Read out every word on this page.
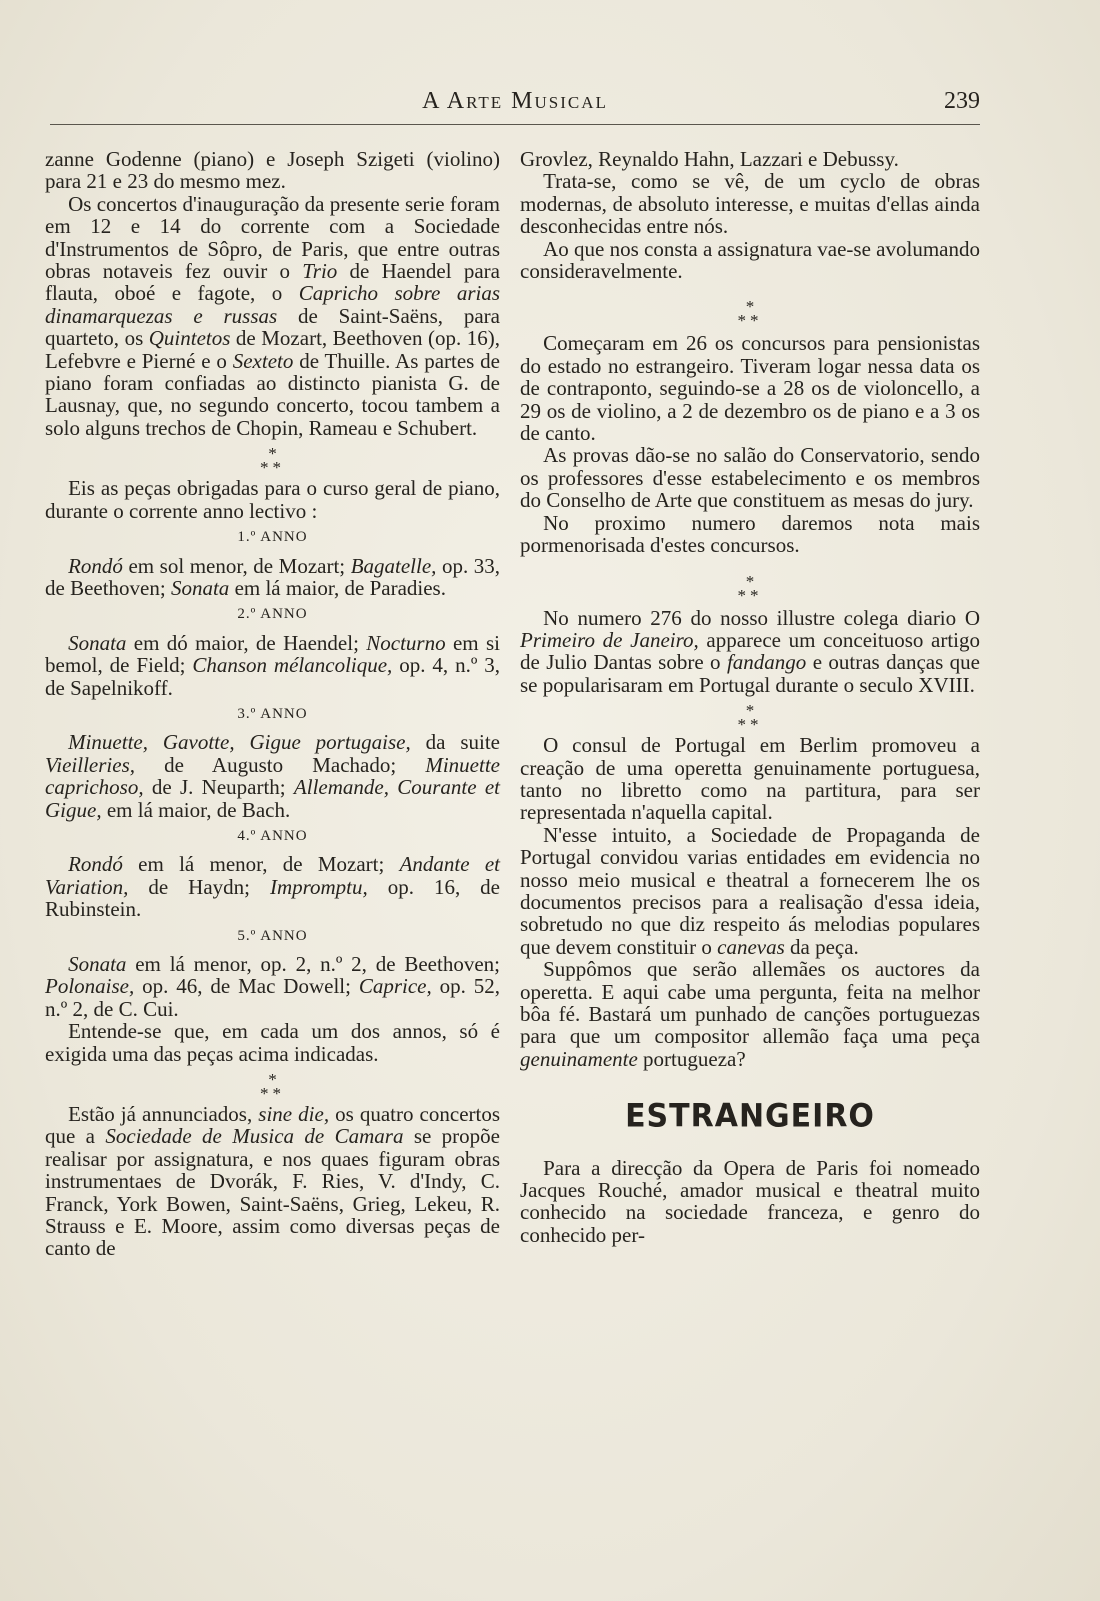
A Arte Musical	239

zanne Godenne (piano) e Joseph Szigeti (violino) para 21 e 23 do mesmo mez.

Os concertos d'inauguração da presente serie foram em 12 e 14 do corrente com a Sociedade d'Instrumentos de Sôpro, de Paris, que entre outras obras notaveis fez ouvir o Trio de Haendel para flauta, oboé e fagote, o Capricho sobre arias dinamarquezas e russas de Saint-Saëns, para quarteto, os Quintetos de Mozart, Beethoven (op. 16), Lefebvre e Pierné e o Sexteto de Thuille. As partes de piano foram confiadas ao distincto pianista G. de Lausnay, que, no segundo concerto, tocou tambem a solo alguns trechos de Chopin, Rameau e Schubert.

*
**

Eis as peças obrigadas para o curso geral de piano, durante o corrente anno lectivo :

1.º ANNO

Rondó em sol menor, de Mozart; Bagatelle, op. 33, de Beethoven; Sonata em lá maior, de Paradies.

2.º ANNO

Sonata em dó maior, de Haendel; Nocturno em si bemol, de Field; Chanson mélancolique, op. 4, n.º 3, de Sapelnikoff.

3.º ANNO

Minuette, Gavotte, Gigue portugaise, da suite Vieilleries, de Augusto Machado; Minuette caprichoso, de J. Neuparth; Allemande, Courante et Gigue, em lá maior, de Bach.

4.º ANNO

Rondó em lá menor, de Mozart; Andante et Variation, de Haydn; Impromptu, op. 16, de Rubinstein.

5.º ANNO

Sonata em lá menor, op. 2, n.º 2, de Beethoven; Polonaise, op. 46, de Mac Dowell; Caprice, op. 52, n.º 2, de C. Cui.

Entende-se que, em cada um dos annos, só é exigida uma das peças acima indicadas.

*
**

Estão já annunciados, sine die, os quatro concertos que a Sociedade de Musica de Camara se propõe realisar por assignatura, e nos quaes figuram obras instrumentaes de Dvorák, F. Ries, V. d'Indy, C. Franck, York Bowen, Saint-Saëns, Grieg, Lekeu, R. Strauss e E. Moore, assim como diversas peças de canto de

Grovlez, Reynaldo Hahn, Lazzari e Debussy.

Trata-se, como se vê, de um cyclo de obras modernas, de absoluto interesse, e muitas d'ellas ainda desconhecidas entre nós.

Ao que nos consta a assignatura vae-se avolumando consideravelmente.

*
**

Começaram em 26 os concursos para pensionistas do estado no estrangeiro. Tiveram logar nessa data os de contraponto, seguindo-se a 28 os de violoncello, a 29 os de violino, a 2 de dezembro os de piano e a 3 os de canto.

As provas dão-se no salão do Conservatorio, sendo os professores d'esse estabelecimento e os membros do Conselho de Arte que constituem as mesas do jury.

No proximo numero daremos nota mais pormenorisada d'estes concursos.

*
**

No numero 276 do nosso illustre colega diario O Primeiro de Janeiro, apparece um conceituoso artigo de Julio Dantas sobre o fandango e outras danças que se popularisaram em Portugal durante o seculo XVIII.

*
**

O consul de Portugal em Berlim promoveu a creação de uma operetta genuinamente portuguesa, tanto no libretto como na partitura, para ser representada n'aquella capital.

N'esse intuito, a Sociedade de Propaganda de Portugal convidou varias entidades em evidencia no nosso meio musical e theatral a fornecerem lhe os documentos precisos para a realisação d'essa ideia, sobretudo no que diz respeito ás melodias populares que devem constituir o canevas da peça.

Suppômos que serão allemães os auctores da operetta. E aqui cabe uma pergunta, feita na melhor bôa fé. Bastará um punhado de canções portuguezas para que um compositor allemão faça uma peça genuinamente portugueza?

ESTRANGEIRO

Para a direcção da Opera de Paris foi nomeado Jacques Rouché, amador musical e theatral muito conhecido na sociedade franceza, e genro do conhecido per-
